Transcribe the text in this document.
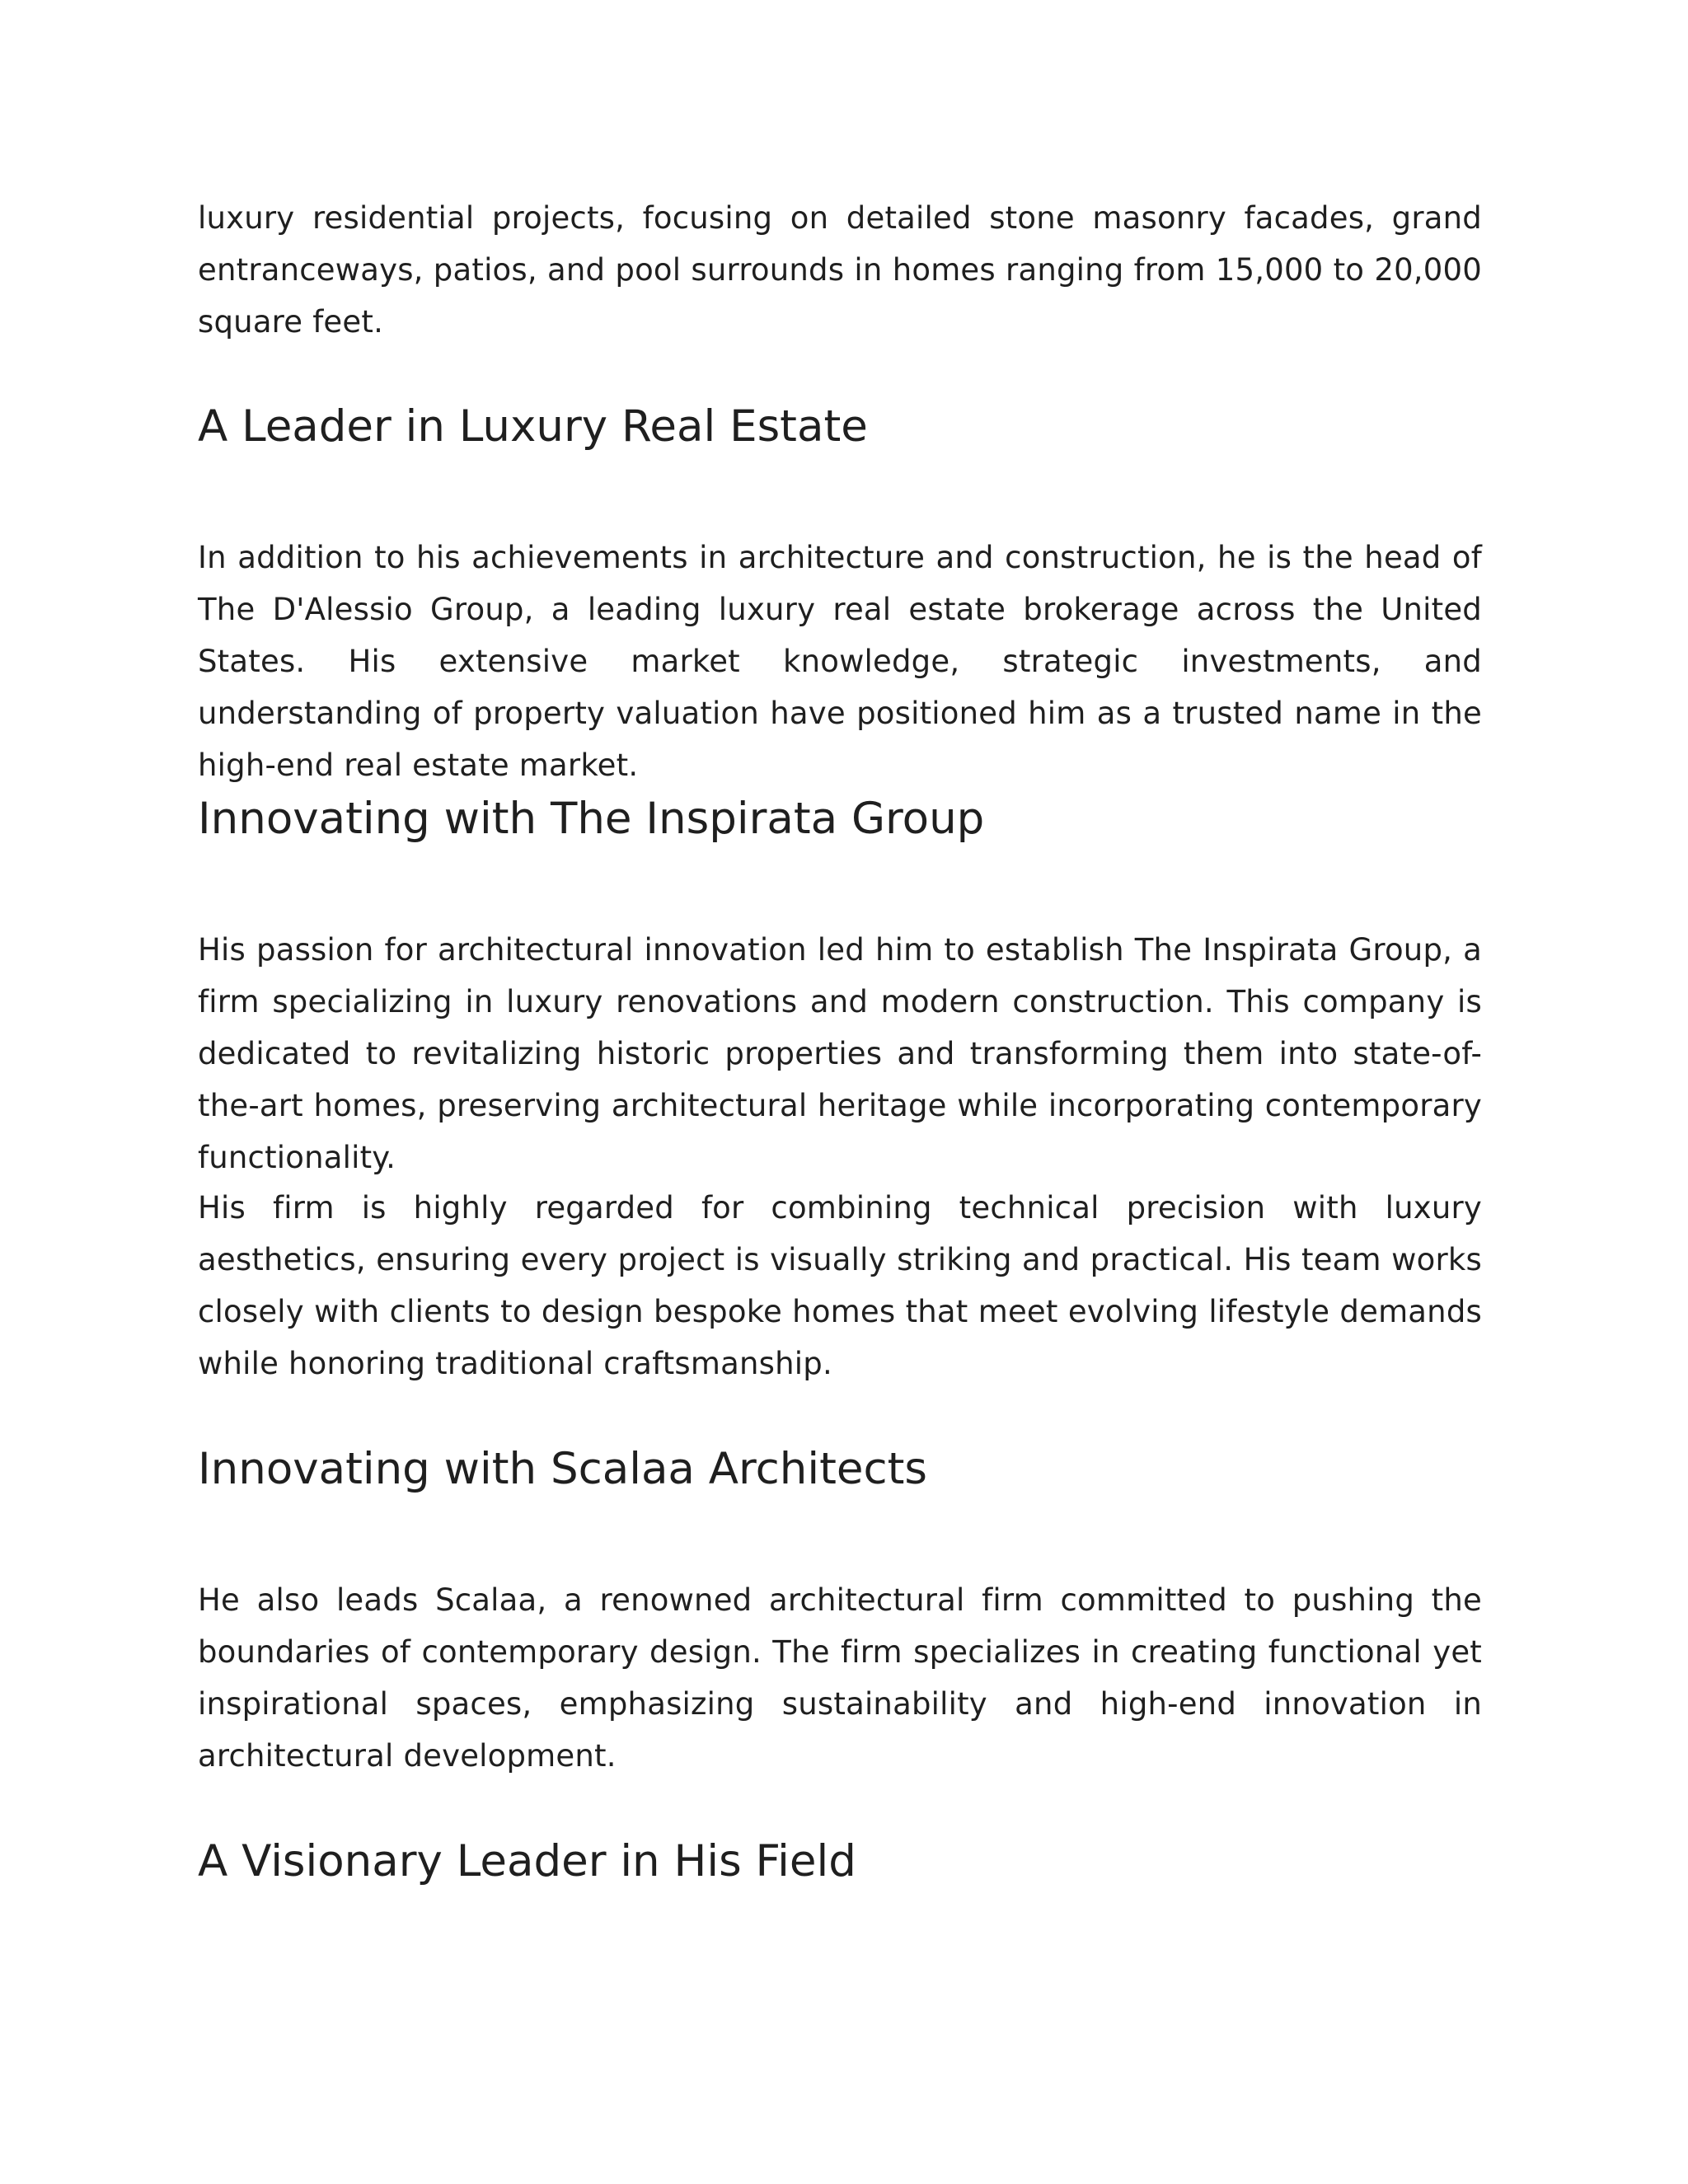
luxury residential projects, focusing on detailed stone masonry facades, grand entranceways, patios, and pool surrounds in homes ranging from 15,000 to 20,000 square feet.

A Leader in Luxury Real Estate

In addition to his achievements in architecture and construction, he is the head of The D'Alessio Group, a leading luxury real estate brokerage across the United States. His extensive market knowledge, strategic investments, and understanding of property valuation have positioned him as a trusted name in the high-end real estate market.

Innovating with The Inspirata Group

His passion for architectural innovation led him to establish The Inspirata Group, a firm specializing in luxury renovations and modern construction. This company is dedicated to revitalizing historic properties and transforming them into state-of-the-art homes, preserving architectural heritage while incorporating contemporary functionality.

His firm is highly regarded for combining technical precision with luxury aesthetics, ensuring every project is visually striking and practical. His team works closely with clients to design bespoke homes that meet evolving lifestyle demands while honoring traditional craftsmanship.

Innovating with Scalaa Architects

He also leads Scalaa, a renowned architectural firm committed to pushing the boundaries of contemporary design. The firm specializes in creating functional yet inspirational spaces, emphasizing sustainability and high-end innovation in architectural development.

A Visionary Leader in His Field
